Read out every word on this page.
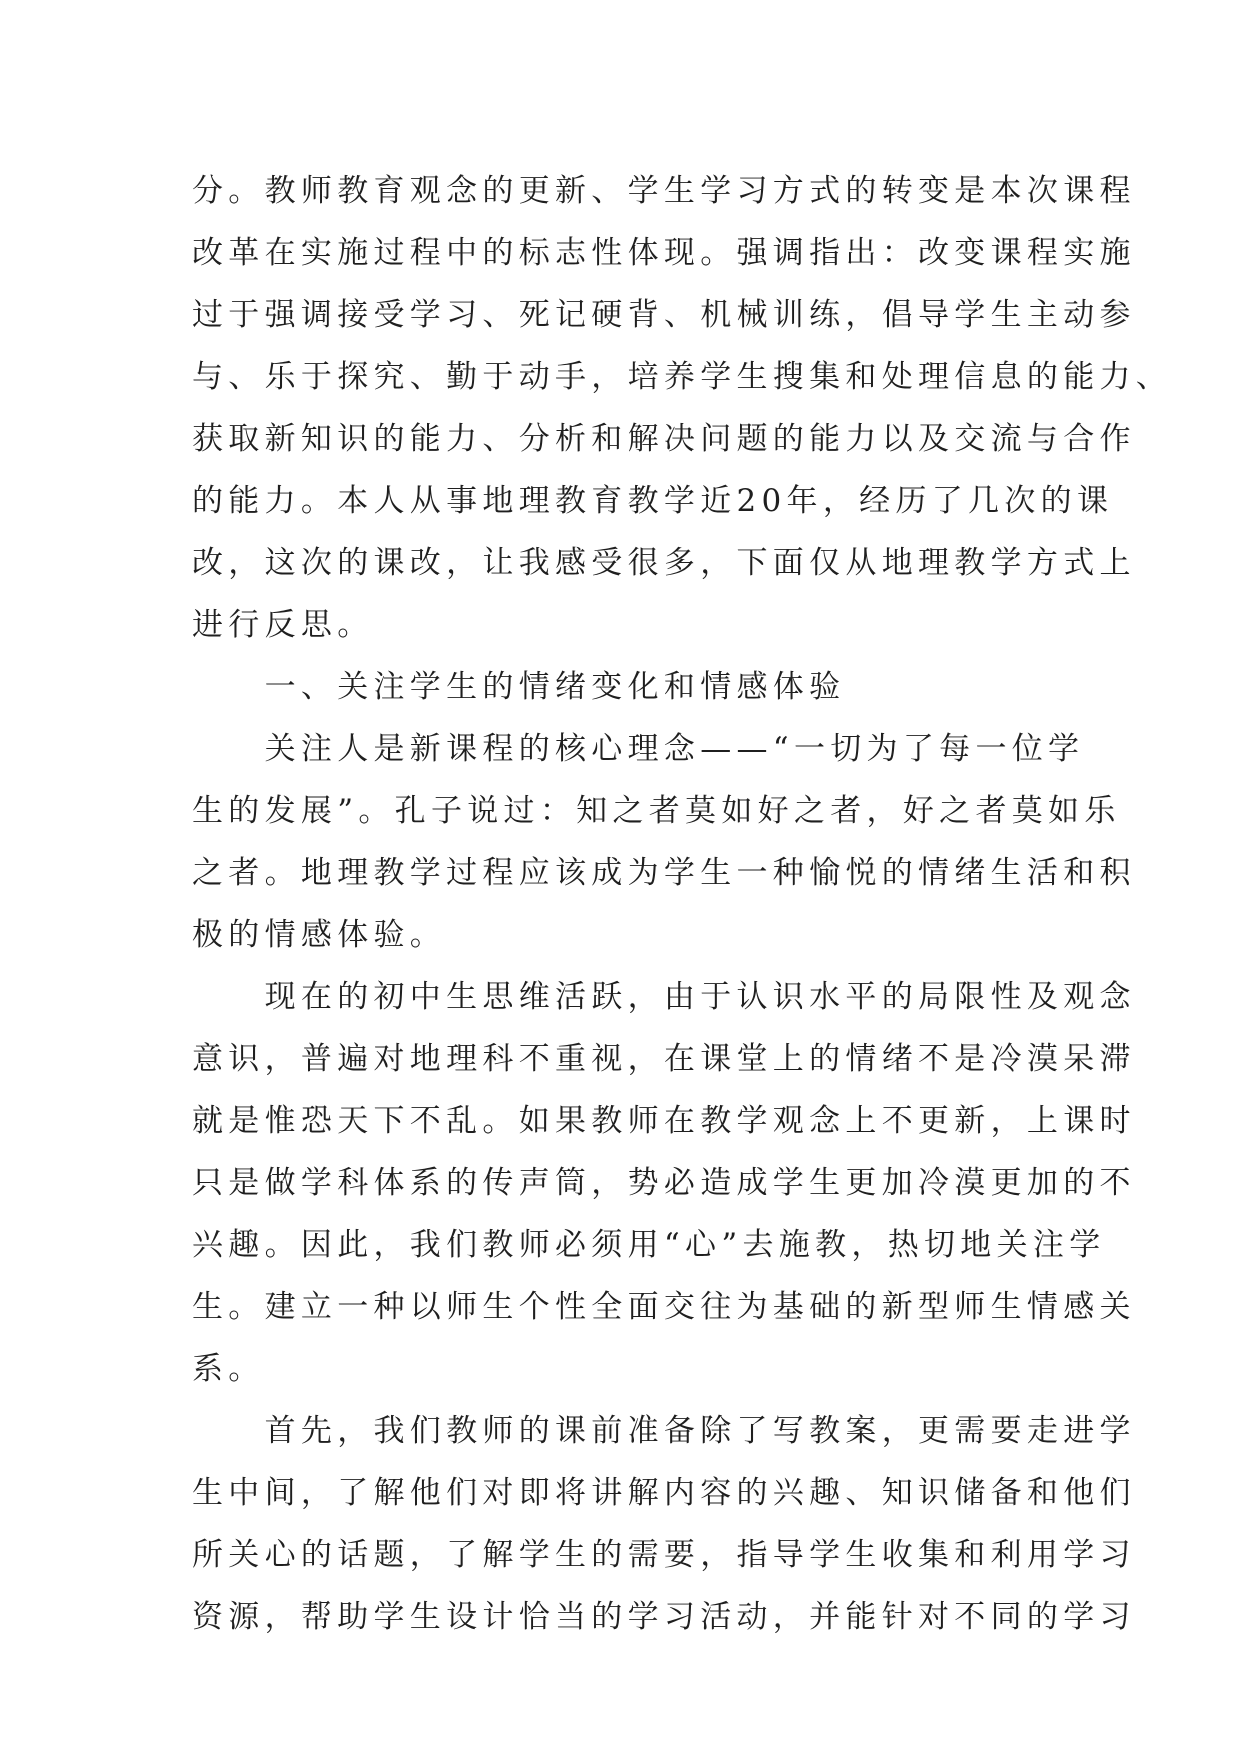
分。教师教育观念的更新、学生学习方式的转变是本次课程
改革在实施过程中的标志性体现。强调指出：改变课程实施
过于强调接受学习、死记硬背、机械训练，倡导学生主动参
与、乐于探究、勤于动手，培养学生搜集和处理信息的能力、
获取新知识的能力、分析和解决问题的能力以及交流与合作
的能力。本人从事地理教育教学近20年，经历了几次的课
改，这次的课改，让我感受很多，下面仅从地理教学方式上
进行反思。
　　一、关注学生的情绪变化和情感体验
　　关注人是新课程的核心理念——“一切为了每一位学
生的发展”。孔子说过：知之者莫如好之者，好之者莫如乐
之者。地理教学过程应该成为学生一种愉悦的情绪生活和积
极的情感体验。
　　现在的初中生思维活跃，由于认识水平的局限性及观念
意识，普遍对地理科不重视，在课堂上的情绪不是冷漠呆滞
就是惟恐天下不乱。如果教师在教学观念上不更新，上课时
只是做学科体系的传声筒，势必造成学生更加冷漠更加的不
兴趣。因此，我们教师必须用“心”去施教，热切地关注学
生。建立一种以师生个性全面交往为基础的新型师生情感关
系。
　　首先，我们教师的课前准备除了写教案，更需要走进学
生中间，了解他们对即将讲解内容的兴趣、知识储备和他们
所关心的话题，了解学生的需要，指导学生收集和利用学习
资源，帮助学生设计恰当的学习活动，并能针对不同的学习
